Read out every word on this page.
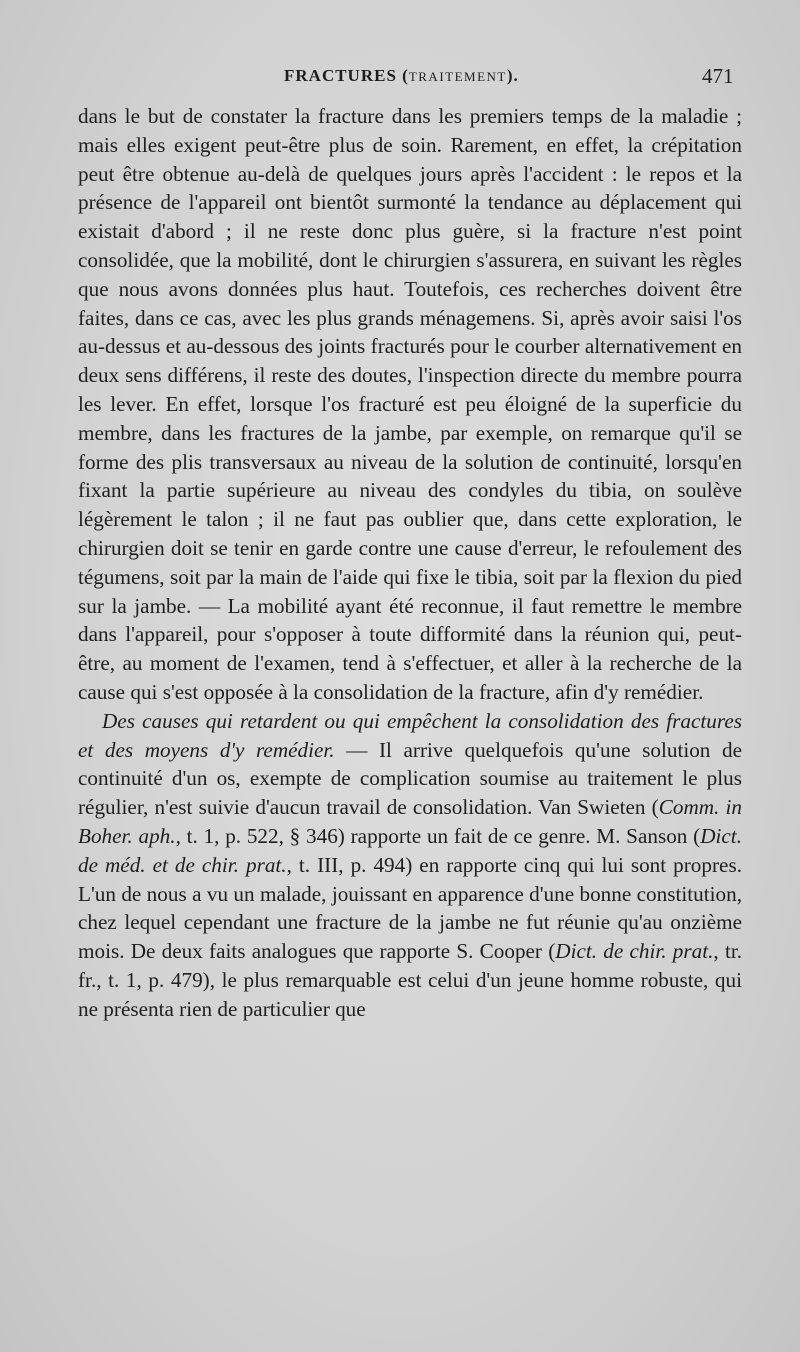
FRACTURES (TRAITEMENT).	471

dans le but de constater la fracture dans les premiers temps de la maladie ; mais elles exigent peut-être plus de soin. Rarement, en effet, la crépitation peut être obtenue au-delà de quelques jours après l'accident : le repos et la présence de l'appareil ont bientôt surmonté la tendance au déplacement qui existait d'abord ; il ne reste donc plus guère, si la fracture n'est point consolidée, que la mobilité, dont le chirurgien s'assurera, en suivant les règles que nous avons données plus haut. Toutefois, ces recherches doivent être faites, dans ce cas, avec les plus grands ménagemens. Si, après avoir saisi l'os au-dessus et au-dessous des joints fracturés pour le courber alternativement en deux sens différens, il reste des doutes, l'inspection directe du membre pourra les lever. En effet, lorsque l'os fracturé est peu éloigné de la superficie du membre, dans les fractures de la jambe, par exemple, on remarque qu'il se forme des plis transversaux au niveau de la solution de continuité, lorsqu'en fixant la partie supérieure au niveau des condyles du tibia, on soulève légèrement le talon ; il ne faut pas oublier que, dans cette exploration, le chirurgien doit se tenir en garde contre une cause d'erreur, le refoulement des tégumens, soit par la main de l'aide qui fixe le tibia, soit par la flexion du pied sur la jambe. — La mobilité ayant été reconnue, il faut remettre le membre dans l'appareil, pour s'opposer à toute difformité dans la réunion qui, peut-être, au moment de l'examen, tend à s'effectuer, et aller à la recherche de la cause qui s'est opposée à la consolidation de la fracture, afin d'y remédier.

Des causes qui retardent ou qui empêchent la consolidation des fractures et des moyens d'y remédier. — Il arrive quelquefois qu'une solution de continuité d'un os, exempte de complication soumise au traitement le plus régulier, n'est suivie d'aucun travail de consolidation. Van Swieten (Comm. in Boher. aph., t. 1, p. 522, § 346) rapporte un fait de ce genre. M. Sanson (Dict. de méd. et de chir. prat., t. III, p. 494) en rapporte cinq qui lui sont propres. L'un de nous a vu un malade, jouissant en apparence d'une bonne constitution, chez lequel cependant une fracture de la jambe ne fut réunie qu'au onzième mois. De deux faits analogues que rapporte S. Cooper (Dict. de chir. prat., tr. fr., t. 1, p. 479), le plus remarquable est celui d'un jeune homme robuste, qui ne présenta rien de particulier que
